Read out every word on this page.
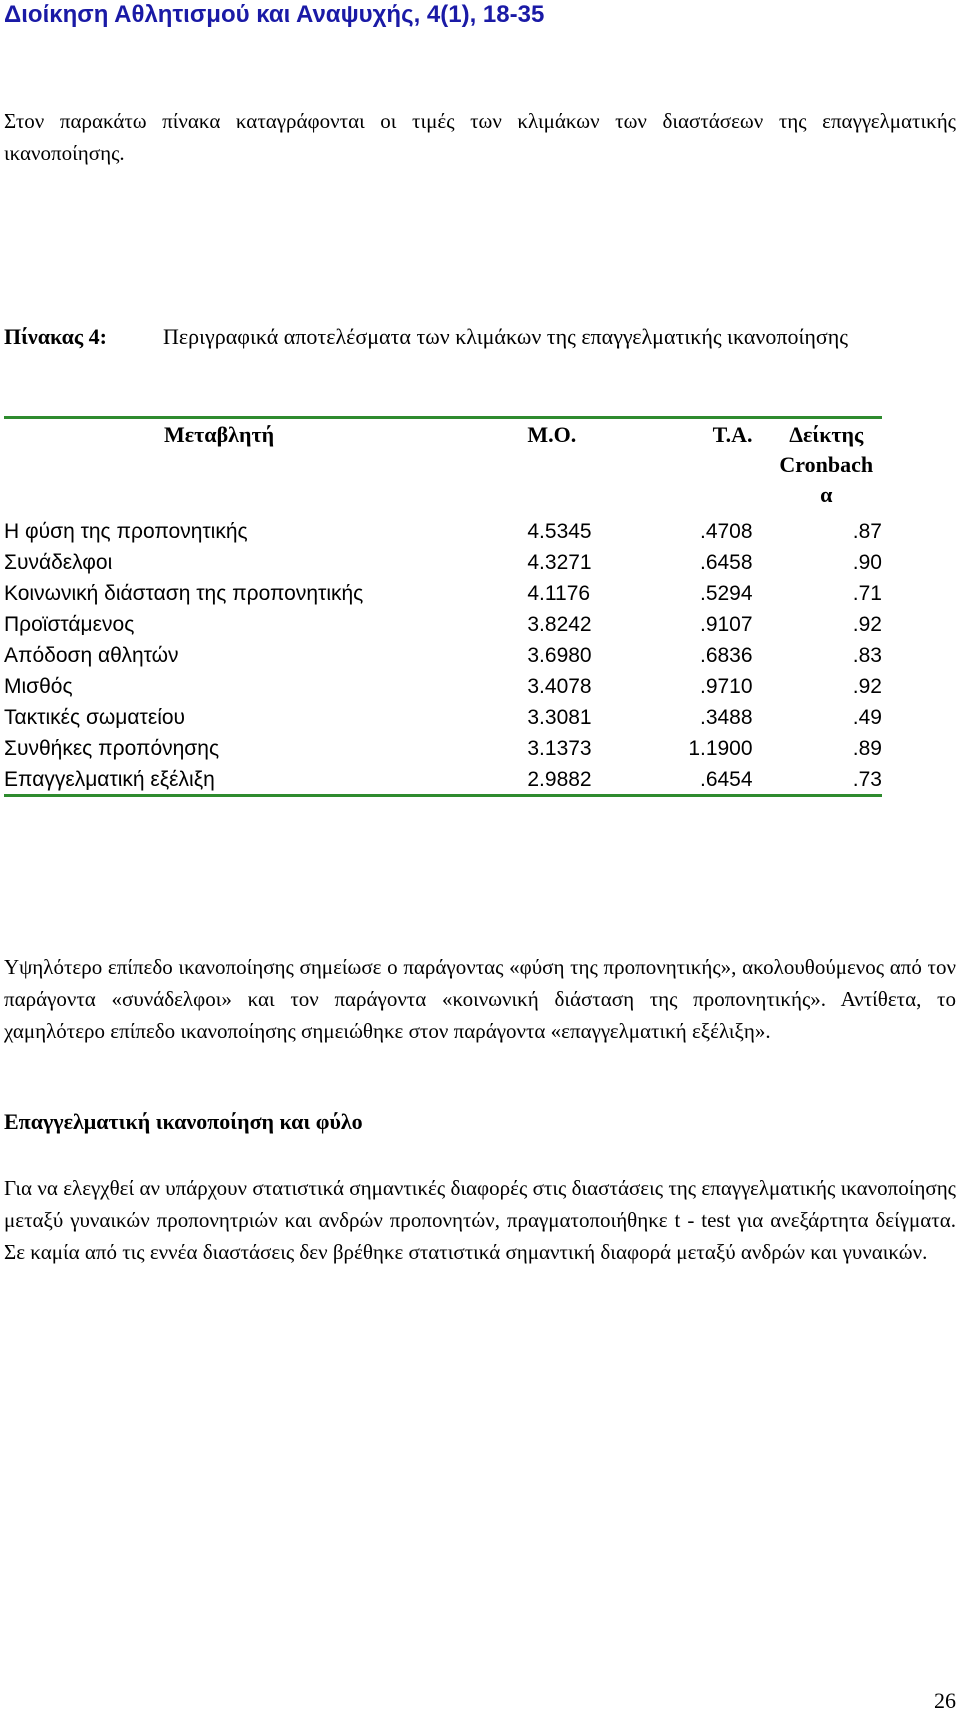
Διοίκηση Αθλητισμού και Αναψυχής, 4(1), 18-35

Στον παρακάτω πίνακα καταγράφονται οι τιμές των κλιμάκων των διαστάσεων της επαγγελματικής ικανοποίησης.

Πίνακας 4:	Περιγραφικά αποτελέσματα των κλιμάκων της επαγγελματικής ικανοποίησης
Μεταβλητή	Μ.Ο.	Τ.Α.	Δείκτης Cronbach α
Η φύση της προπονητικής	4.5345	.4708	.87
Συνάδελφοι	4.3271	.6458	.90
Κοινωνική διάσταση της προπονητικής	4.1176	.5294	.71
Προϊστάμενος	3.8242	.9107	.92
Απόδοση αθλητών	3.6980	.6836	.83
Μισθός	3.4078	.9710	.92
Τακτικές σωματείου	3.3081	.3488	.49
Συνθήκες προπόνησης	3.1373	1.1900	.89
Επαγγελματική εξέλιξη	2.9882	.6454	.73

Υψηλότερο επίπεδο ικανοποίησης σημείωσε ο παράγοντας «φύση της προπονητικής», ακολουθούμενος από τον παράγοντα «συνάδελφοι» και τον παράγοντα «κοινωνική διάσταση της προπονητικής». Αντίθετα, το χαμηλότερο επίπεδο ικανοποίησης σημειώθηκε στον παράγοντα «επαγγελματική εξέλιξη».

Επαγγελματική ικανοποίηση και φύλο

Για να ελεγχθεί αν υπάρχουν στατιστικά σημαντικές διαφορές στις διαστάσεις της επαγγελματικής ικανοποίησης μεταξύ γυναικών προπονητριών και ανδρών προπονητών, πραγματοποιήθηκε t - test για ανεξάρτητα δείγματα. Σε καμία από τις εννέα διαστάσεις δεν βρέθηκε στατιστικά σημαντική διαφορά μεταξύ ανδρών και γυναικών.

26
